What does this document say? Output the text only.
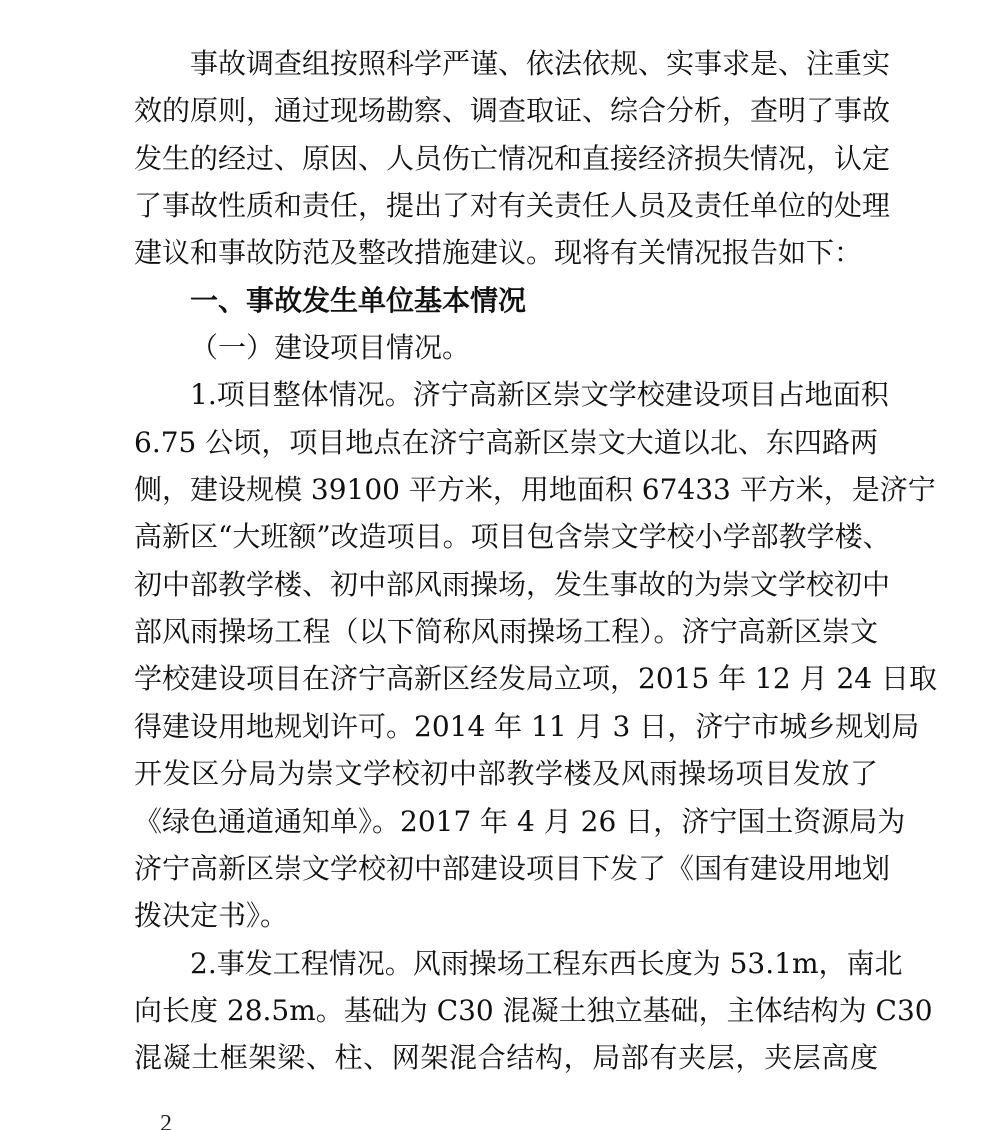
事故调查组按照科学严谨、依法依规、实事求是、注重实
效的原则，通过现场勘察、调查取证、综合分析，查明了事故
发生的经过、原因、人员伤亡情况和直接经济损失情况，认定
了事故性质和责任，提出了对有关责任人员及责任单位的处理
建议和事故防范及整改措施建议。现将有关情况报告如下：
一、事故发生单位基本情况
（一）建设项目情况。
1.项目整体情况。济宁高新区崇文学校建设项目占地面积
6.75 公顷，项目地点在济宁高新区崇文大道以北、东四路两
侧，建设规模 39100 平方米，用地面积 67433 平方米，是济宁
高新区“大班额”改造项目。项目包含崇文学校小学部教学楼、
初中部教学楼、初中部风雨操场，发生事故的为崇文学校初中
部风雨操场工程（以下简称风雨操场工程）。济宁高新区崇文
学校建设项目在济宁高新区经发局立项，2015 年 12 月 24 日取
得建设用地规划许可。2014 年 11 月 3 日，济宁市城乡规划局
开发区分局为崇文学校初中部教学楼及风雨操场项目发放了
《绿色通道通知单》。2017 年 4 月 26 日，济宁国土资源局为
济宁高新区崇文学校初中部建设项目下发了《国有建设用地划
拨决定书》。
2.事发工程情况。风雨操场工程东西长度为 53.1m，南北
向长度 28.5m。基础为 C30 混凝土独立基础，主体结构为 C30
混凝土框架梁、柱、网架混合结构，局部有夹层，夹层高度
2
